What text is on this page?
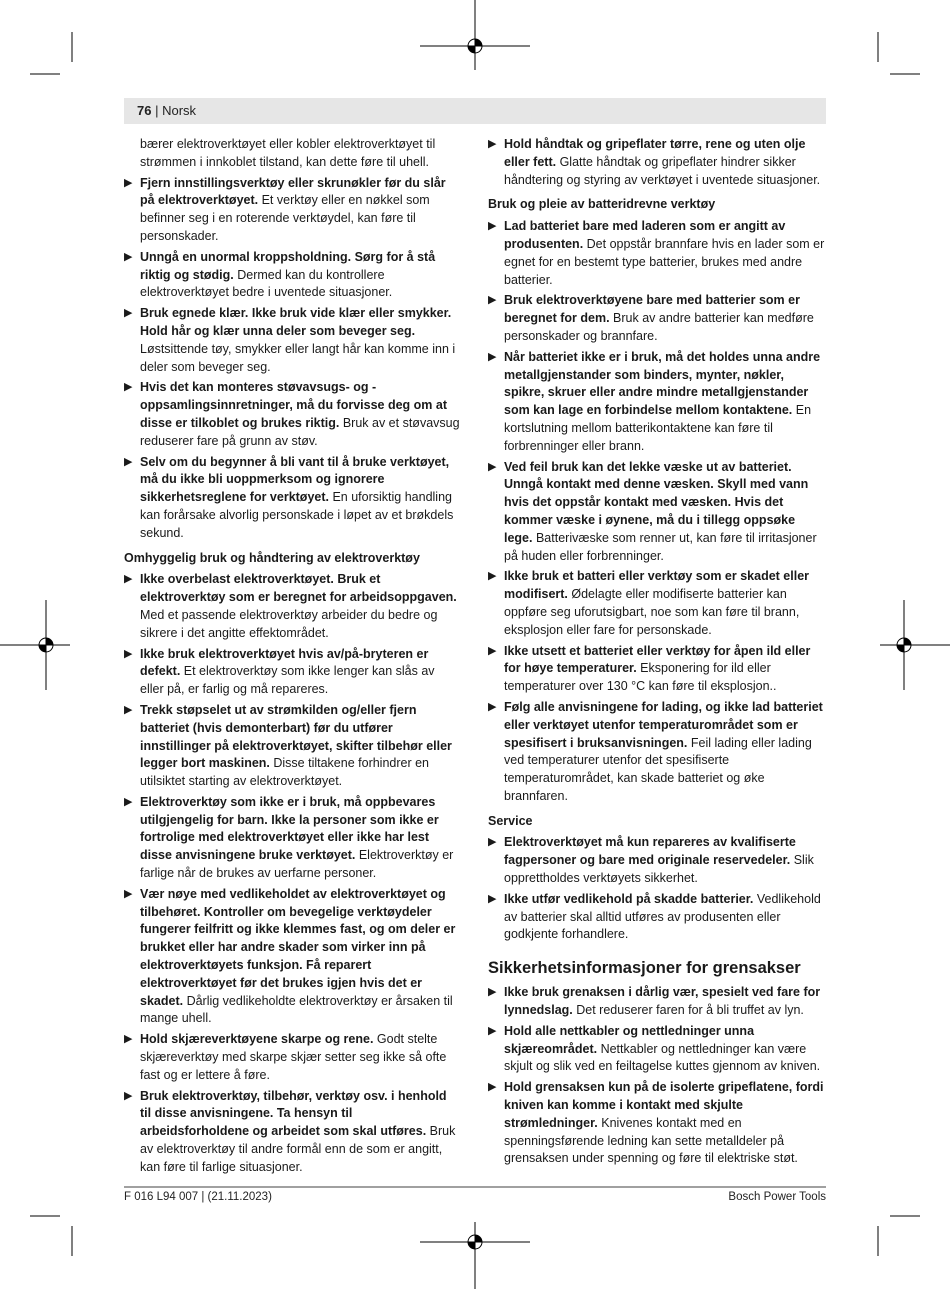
76 | Norsk

bærer elektroverktøyet eller kobler elektroverktøyet til strømmen i innkoblet tilstand, kan dette føre til uhell.

▶ Fjern innstillingsverktøy eller skrunøkler før du slår på elektroverktøyet. Et verktøy eller en nøkkel som befinner seg i en roterende verktøydel, kan føre til personskader.
▶ Unngå en unormal kroppsholdning. Sørg for å stå riktig og stødig. Dermed kan du kontrollere elektroverktøyet bedre i uventede situasjoner.
▶ Bruk egnede klær. Ikke bruk vide klær eller smykker. Hold hår og klær unna deler som beveger seg. Løstsittende tøy, smykker eller langt hår kan komme inn i deler som beveger seg.
▶ Hvis det kan monteres støvavsugs- og -oppsamlingsinnretninger, må du forvisse deg om at disse er tilkoblet og brukes riktig. Bruk av et støvavsug reduserer fare på grunn av støv.
▶ Selv om du begynner å bli vant til å bruke verktøyet, må du ikke bli uoppmerksom og ignorere sikkerhetsreglene for verktøyet. En uforsiktig handling kan forårsake alvorlig personskade i løpet av et brøkdels sekund.
Omhyggelig bruk og håndtering av elektroverktøy
▶ Ikke overbelast elektroverktøyet. Bruk et elektroverktøy som er beregnet for arbeidsoppgaven. Med et passende elektroverktøy arbeider du bedre og sikrere i det angitte effektområdet.
▶ Ikke bruk elektroverktøyet hvis av/på-bryteren er defekt. Et elektroverktøy som ikke lenger kan slås av eller på, er farlig og må repareres.
▶ Trekk støpselet ut av strømkilden og/eller fjern batteriet (hvis demonterbart) før du utfører innstillinger på elektroverktøyet, skifter tilbehør eller legger bort maskinen. Disse tiltakene forhindrer en utilsiktet starting av elektroverktøyet.
▶ Elektroverktøy som ikke er i bruk, må oppbevares utilgjengelig for barn. Ikke la personer som ikke er fortrolige med elektroverktøyet eller ikke har lest disse anvisningene bruke verktøyet. Elektroverktøy er farlige når de brukes av uerfarne personer.
▶ Vær nøye med vedlikeholdet av elektroverktøyet og tilbehøret. Kontroller om bevegelige verktøydeler fungerer feilfritt og ikke klemmes fast, og om deler er brukket eller har andre skader som virker inn på elektroverktøyets funksjon. Få reparert elektroverktøyet før det brukes igjen hvis det er skadet. Dårlig vedlikeholdte elektroverktøy er årsaken til mange uhell.
▶ Hold skjæreverktøyene skarpe og rene. Godt stelte skjæreverktøy med skarpe skjær setter seg ikke så ofte fast og er lettere å føre.
▶ Bruk elektroverktøy, tilbehør, verktøy osv. i henhold til disse anvisningene. Ta hensyn til arbeidsforholdene og arbeidet som skal utføres. Bruk av elektroverktøy til andre formål enn de som er angitt, kan føre til farlige situasjoner.
▶ Hold håndtak og gripeflater tørre, rene og uten olje eller fett. Glatte håndtak og gripeflater hindrer sikker håndtering og styring av verktøyet i uventede situasjoner.
Bruk og pleie av batteridrevne verktøy
▶ Lad batteriet bare med laderen som er angitt av produsenten. Det oppstår brannfare hvis en lader som er egnet for en bestemt type batterier, brukes med andre batterier.
▶ Bruk elektroverktøyene bare med batterier som er beregnet for dem. Bruk av andre batterier kan medføre personskader og brannfare.
▶ Når batteriet ikke er i bruk, må det holdes unna andre metallgjenstander som binders, mynter, nøkler, spikre, skruer eller andre mindre metallgjenstander som kan lage en forbindelse mellom kontaktene. En kortslutning mellom batterikontaktene kan føre til forbrenninger eller brann.
▶ Ved feil bruk kan det lekke væske ut av batteriet. Unngå kontakt med denne væsken. Skyll med vann hvis det oppstår kontakt med væsken. Hvis det kommer væske i øynene, må du i tillegg oppsøke lege. Batterivæske som renner ut, kan føre til irritasjoner på huden eller forbrenninger.
▶ Ikke bruk et batteri eller verktøy som er skadet eller modifisert. Ødelagte eller modifiserte batterier kan oppføre seg uforutsigbart, noe som kan føre til brann, eksplosjon eller fare for personskade.
▶ Ikke utsett et batteriet eller verktøy for åpen ild eller for høye temperaturer. Eksponering for ild eller temperaturer over 130 °C kan føre til eksplosjon..
▶ Følg alle anvisningene for lading, og ikke lad batteriet eller verktøyet utenfor temperaturområdet som er spesifisert i bruksanvisningen. Feil lading eller lading ved temperaturer utenfor det spesifiserte temperaturområdet, kan skade batteriet og øke brannfaren.
Service
▶ Elektroverktøyet må kun repareres av kvalifiserte fagpersoner og bare med originale reservedeler. Slik opprettholdes verktøyets sikkerhet.
▶ Ikke utfør vedlikehold på skadde batterier. Vedlikehold av batterier skal alltid utføres av produsenten eller godkjente forhandlere.
Sikkerhetsinformasjoner for grensakser
▶ Ikke bruk grenaksen i dårlig vær, spesielt ved fare for lynnedslag. Det reduserer faren for å bli truffet av lyn.
▶ Hold alle nettkabler og nettledninger unna skjæreområdet. Nettkabler og nettledninger kan være skjult og slik ved en feiltagelse kuttes gjennom av kniven.
▶ Hold grensaksen kun på de isolerte gripeflatene, fordi kniven kan komme i kontakt med skjulte strømledninger. Knivenes kontakt med en spenningsførende ledning kan sette metalldeler på grensaksen under spenning og føre til elektriske støt.
F 016 L94 007 | (21.11.2023)	Bosch Power Tools
